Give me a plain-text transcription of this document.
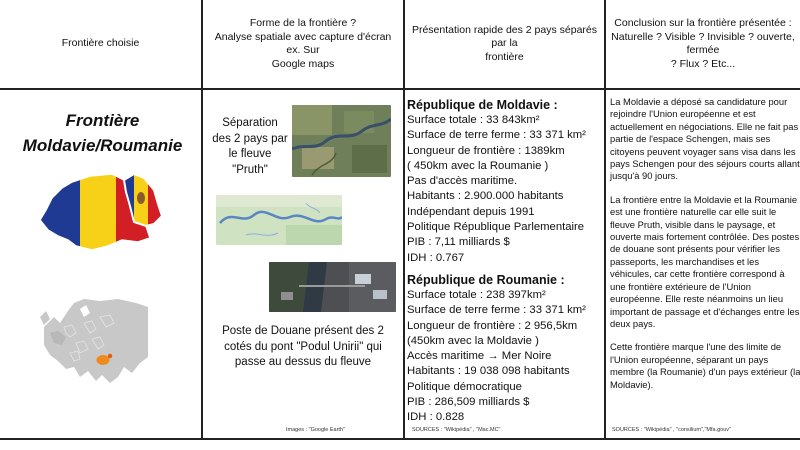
Frontière choisie
Forme de la frontière ?
Analyse spatiale avec capture d'écran
ex. Sur
Google maps
Présentation rapide des 2 pays séparés
par la
frontière
Conclusion sur la frontière présentée :
Naturelle ? Visible ? Invisible ? ouverte,
fermée
? Flux ? Etc...
Frontière
Moldavie/Roumanie
Séparation
des 2 pays par
le fleuve
"Pruth"
Poste de Douane présent des 2
cotés du pont "Podul Unirii" qui
passe au dessus du fleuve
Images : "Google Earth"
République de Moldavie :
Surface totale : 33 843km²
Surface de terre ferme : 33 371 km²
Longueur de frontière : 1389km
( 450km avec la Roumanie )
Pas d'accès maritime.
Habitants : 2.900.000 habitants
Indépendant depuis 1991
Politique République Parlementaire
PIB : 7,11 milliards $
IDH : 0.767
République de Roumanie :
Surface totale : 238 397km²
Surface de terre ferme : 33 371 km²
Longueur de frontière : 2 956,5km
(450km avec la Moldavie )
Accès maritime → Mer Noire
Habitants : 19 038 098 habitants
Politique démocratique
PIB : 286,509 milliards $
IDH : 0.828
SOURCES : "Wikipédia" , "Mac.MC"

La Moldavie a déposé sa candidature pour rejoindre l'Union européenne et est actuellement en négociations. Elle ne fait pas partie de l'espace Schengen, mais ses citoyens peuvent voyager sans visa dans les pays Schengen pour des séjours courts allant jusqu'à 90 jours.

La frontière entre la Moldavie et la Roumanie est une frontière naturelle car elle suit le fleuve Pruth, visible dans le paysage, et ouverte mais fortement contrôlée. Des postes de douane sont présents pour vérifier les passeports, les marchandises et les véhicules, car cette frontière correspond à une frontière extérieure de l'Union européenne. Elle reste néanmoins un lieu important de passage et d'échanges entre les deux pays.

Cette frontière marque l'une des limite de l'Union européenne, séparant un pays membre (la Roumanie) d'un pays extérieur (la Moldavie).

SOURCES : "Wikipédia" , "consilium","Mfa.gouv"
